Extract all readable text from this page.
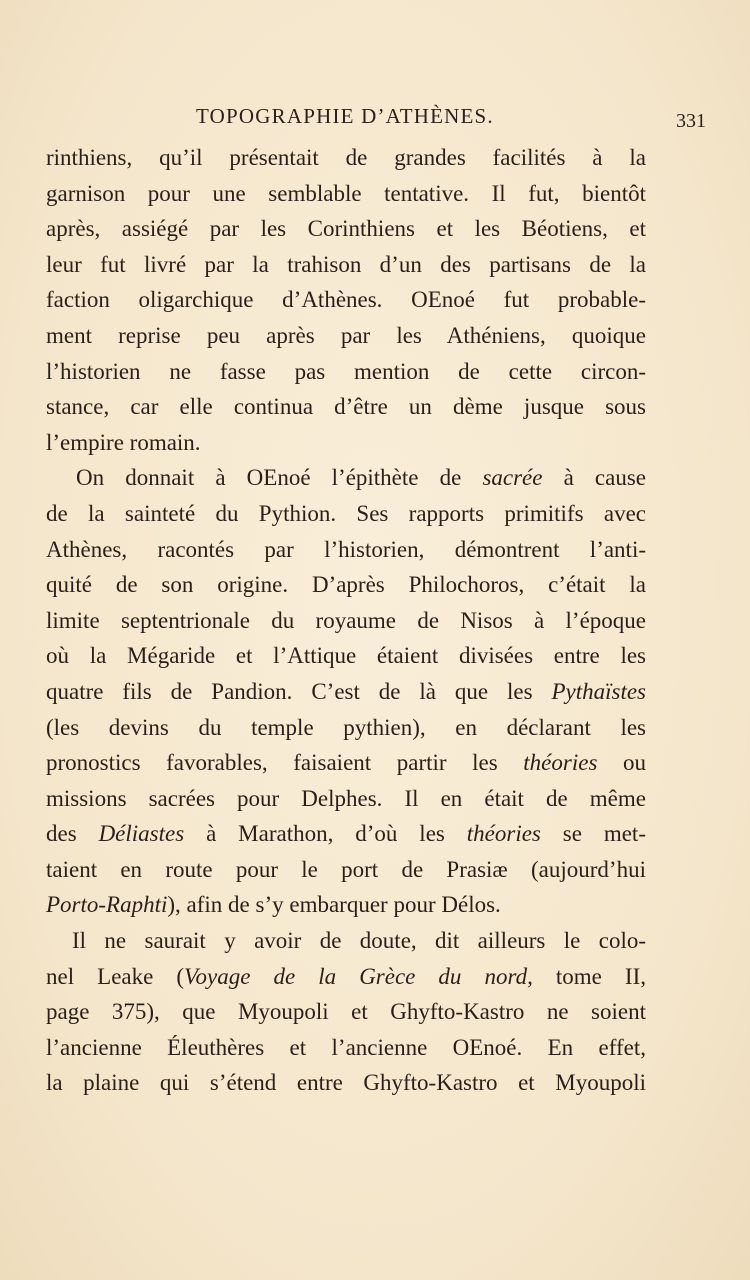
TOPOGRAPHIE D’ATHÈNES.	331

rinthiens, qu’il présentait de grandes facilités à la
garnison pour une semblable tentative. Il fut, bientôt
après, assiégé par les Corinthiens et les Béotiens, et
leur fut livré par la trahison d’un des partisans de la
faction oligarchique d’Athènes. OEnoé fut probable-
ment reprise peu après par les Athéniens, quoique
l’historien ne fasse pas mention de cette circon-
stance, car elle continua d’être un dème jusque sous
l’empire romain.

On donnait à OEnoé l’épithète de sacrée à cause
de la sainteté du Pythion. Ses rapports primitifs avec
Athènes, racontés par l’historien, démontrent l’anti-
quité de son origine. D’après Philochoros, c’était la
limite septentrionale du royaume de Nisos à l’époque
où la Mégaride et l’Attique étaient divisées entre les
quatre fils de Pandion. C’est de là que les Pythaïstes
(les devins du temple pythien), en déclarant les
pronostics favorables, faisaient partir les théories ou
missions sacrées pour Delphes. Il en était de même
des Déliastes à Marathon, d’où les théories se met-
taient en route pour le port de Prasiæ (aujourd’hui
Porto-Raphti), afin de s’y embarquer pour Délos.

Il ne saurait y avoir de doute, dit ailleurs le colo-
nel Leake (Voyage de la Grèce du nord, tome II,
page 375), que Myoupoli et Ghyfto-Kastro ne soient
l’ancienne Éleuthères et l’ancienne OEnoé. En effet,
la plaine qui s’étend entre Ghyfto-Kastro et Myoupoli
